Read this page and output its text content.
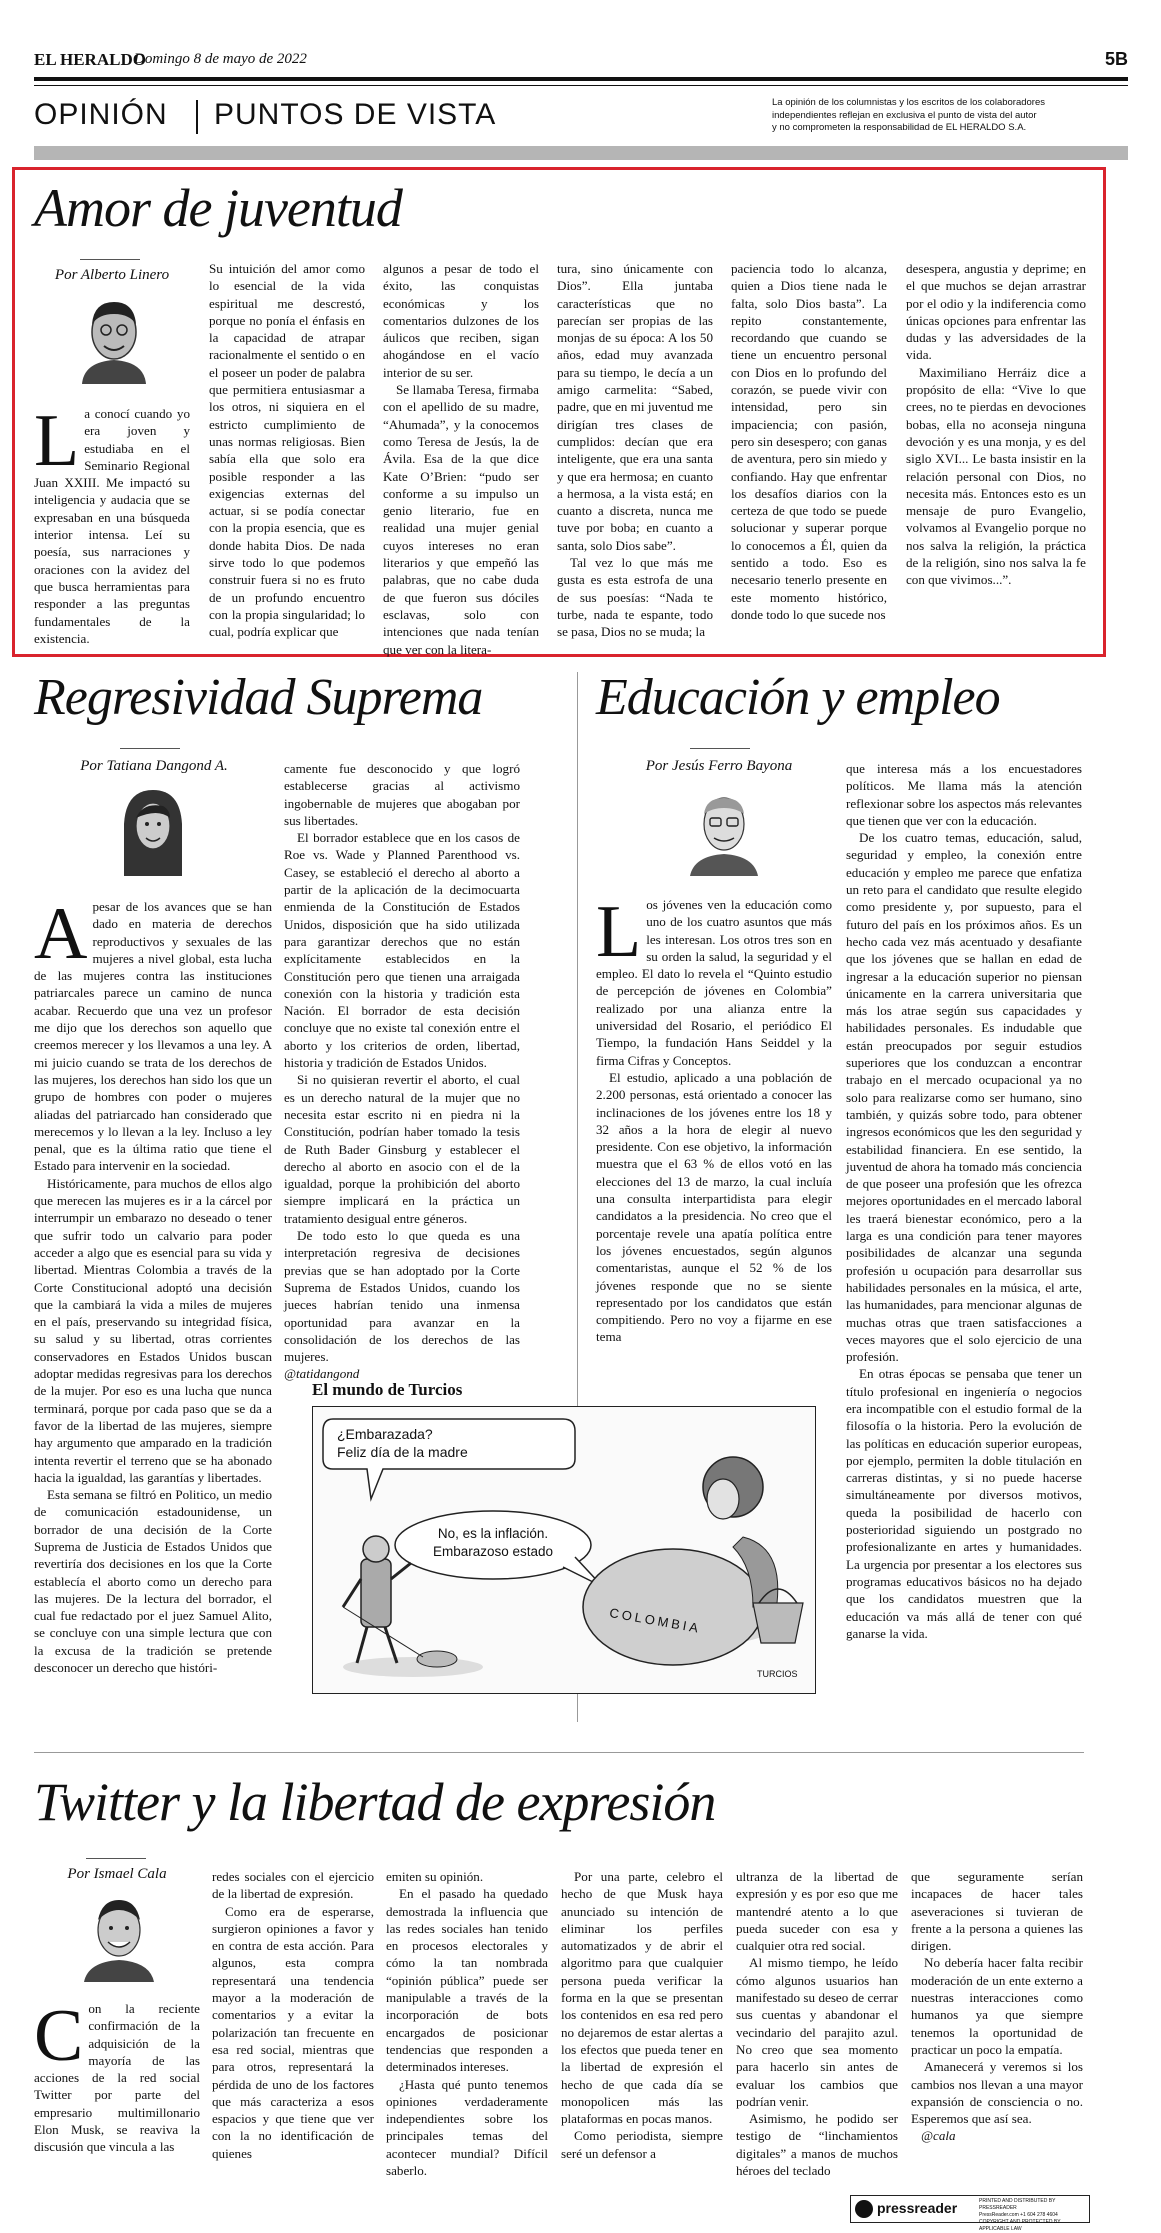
EL HERALDO
Domingo 8 de mayo de 2022	5B
OPINIÓN PUNTOS DE VISTA	La opinión de los columnistas y los escritos de los colaboradores
independientes reflejan en exclusiva el punto de vista del autor
y no comprometen la responsabilidad de EL HERALDO S.A.
Amor de juventud
Por Alberto Linero
La conocí cuando yo era joven y estudiaba en el Seminario Regional Juan XXIII. Me impactó su inteligencia y audacia que se expresaban en una búsqueda interior intensa. Leí su poesía, sus narraciones y oraciones con la avidez del que busca herramientas para responder a las preguntas fundamentales de la existencia.

Su intuición del amor como lo esencial de la vida espiritual me descrestó, porque no ponía el énfasis en la capacidad de atrapar racionalmente el sentido o en el poseer un poder de palabra que permitiera entusiasmar a los otros, ni siquiera en el estricto cumplimiento de unas normas religiosas. Bien sabía ella que solo era posible responder a las exigencias externas del actuar, si se podía conectar con la propia esencia, que es donde habita Dios. De nada sirve todo lo que podemos construir fuera si no es fruto de un profundo encuentro con la propia singularidad; lo cual, podría explicar que

algunos a pesar de todo el éxito, las conquistas económicas y los comentarios dulzones de los áulicos que reciben, sigan ahogándose en el vacío interior de su ser.

Se llamaba Teresa, firmaba con el apellido de su madre, “Ahumada”, y la conocemos como Teresa de Jesús, la de Ávila. Esa de la que dice Kate O’Brien: “pudo ser conforme a su impulso un genio literario, fue en realidad una mujer genial cuyos intereses no eran literarios y que empeñó las palabras, que no cabe duda de que fueron sus dóciles esclavas, solo con intenciones que nada tenían que ver con la litera-

tura, sino únicamente con Dios”. Ella juntaba características que no parecían ser propias de las monjas de su época: A los 50 años, edad muy avanzada para su tiempo, le decía a un amigo carmelita: “Sabed, padre, que en mi juventud me dirigían tres clases de cumplidos: decían que era inteligente, que era una santa y que era hermosa; en cuanto a hermosa, a la vista está; en cuanto a discreta, nunca me tuve por boba; en cuanto a santa, solo Dios sabe”.

Tal vez lo que más me gusta es esta estrofa de una de sus poesías: “Nada te turbe, nada te espante, todo se pasa, Dios no se muda; la

paciencia todo lo alcanza, quien a Dios tiene nada le falta, solo Dios basta”. La repito constantemente, recordando que cuando se tiene un encuentro personal con Dios en lo profundo del corazón, se puede vivir con intensidad, pero sin impaciencia; con pasión, pero sin desespero; con ganas de aventura, pero sin miedo y confiando. Hay que enfrentar los desafíos diarios con la certeza de que todo se puede solucionar y superar porque lo conocemos a Él, quien da sentido a todo. Eso es necesario tenerlo presente en este momento histórico, donde todo lo que sucede nos

desespera, angustia y deprime; en el que muchos se dejan arrastrar por el odio y la indiferencia como únicas opciones para enfrentar las dudas y las adversidades de la vida.

Maximiliano Herráiz dice a propósito de ella: “Vive lo que crees, no te pierdas en devociones bobas, ella no aconseja ninguna devoción y es una monja, y es del siglo XVI... Le basta insistir en la relación personal con Dios, no necesita más. Entonces esto es un mensaje de puro Evangelio, volvamos al Evangelio porque no nos salva la religión, la práctica de la religión, sino nos salva la fe con que vivimos...”.

Regresividad Suprema
Por Tatiana Dangond A.

Apesar de los avances que se han dado en materia de derechos reproductivos y sexuales de las mujeres a nivel global, esta lucha de las mujeres contra las instituciones patriarcales parece un camino de nunca acabar. Recuerdo que una vez un profesor me dijo que los derechos son aquello que creemos merecer y los llevamos a una ley. A mi juicio cuando se trata de los derechos de las mujeres, los derechos han sido los que un grupo de hombres con poder o mujeres aliadas del patriarcado han considerado que merecemos y lo llevan a la ley. Incluso a ley penal, que es la última ratio que tiene el Estado para intervenir en la sociedad.

Históricamente, para muchos de ellos algo que merecen las mujeres es ir a la cárcel por interrumpir un embarazo no deseado o tener que sufrir todo un calvario para poder acceder a algo que es esencial para su vida y libertad. Mientras Colombia a través de la Corte Constitucional adoptó una decisión que la cambiará la vida a miles de mujeres en el país, preservando su integridad física, su salud y su libertad, otras corrientes conservadores en Estados Unidos buscan adoptar medidas regresivas para los derechos de la mujer. Por eso es una lucha que nunca terminará, porque por cada paso que se da a favor de la libertad de las mujeres, siempre hay argumento que amparado en la tradición intenta revertir el terreno que se ha abonado hacia la igualdad, las garantías y libertades.

Esta semana se filtró en Politico, un medio de comunicación estadounidense, un borrador de una decisión de la Corte Suprema de Justicia de Estados Unidos que revertiría dos decisiones en los que la Corte establecía el aborto como un derecho para las mujeres. De la lectura del borrador, el cual fue redactado por el juez Samuel Alito, se concluye con una simple lectura que con la excusa de la tradición se pretende desconocer un derecho que históri-

camente fue desconocido y que logró establecerse gracias al activismo ingobernable de mujeres que abogaban por sus libertades.

El borrador establece que en los casos de Roe vs. Wade y Planned Parenthood vs. Casey, se estableció el derecho al aborto a partir de la aplicación de la decimocuarta enmienda de la Constitución de Estados Unidos, disposición que ha sido utilizada para garantizar derechos que no están explícitamente establecidos en la Constitución pero que tienen una arraigada conexión con la historia y tradición esta Nación. El borrador de esta decisión concluye que no existe tal conexión entre el aborto y los criterios de orden, libertad, historia y tradición de Estados Unidos.

Si no quisieran revertir el aborto, el cual es un derecho natural de la mujer que no necesita estar escrito ni en piedra ni la Constitución, podrían haber tomado la tesis de Ruth Bader Ginsburg y establecer el derecho al aborto en asocio con el de la igualdad, porque la prohibición del aborto siempre implicará en la práctica un tratamiento desigual entre géneros.

De todo esto lo que queda es una interpretación regresiva de decisiones previas que se han adoptado por la Corte Suprema de Estados Unidos, cuando los jueces habrían tenido una inmensa oportunidad para avanzar en la consolidación de los derechos de las mujeres.

@tatidangond

Educación y empleo
Por Jesús Ferro Bayona

Los jóvenes ven la educación como uno de los cuatro asuntos que más les interesan. Los otros tres son en su orden la salud, la seguridad y el empleo. El dato lo revela el “Quinto estudio de percepción de jóvenes en Colombia” realizado por una alianza entre la universidad del Rosario, el periódico El Tiempo, la fundación Hans Seiddel y la firma Cifras y Conceptos.

El estudio, aplicado a una población de 2.200 personas, está orientado a conocer las inclinaciones de los jóvenes entre los 18 y 32 años a la hora de elegir al nuevo presidente. Con ese objetivo, la información muestra que el 63 % de ellos votó en las elecciones del 13 de marzo, la cual incluía una consulta interpartidista para elegir candidatos a la presidencia. No creo que el porcentaje revele una apatía política entre los jóvenes encuestados, según algunos comentaristas, aunque el 52 % de los jóvenes responde que no se siente representado por los candidatos que están compitiendo. Pero no voy a fijarme en ese tema

que interesa más a los encuestadores políticos. Me llama más la atención reflexionar sobre los aspectos más relevantes que tienen que ver con la educación.

De los cuatro temas, educación, salud, seguridad y empleo, la conexión entre educación y empleo me parece que enfatiza un reto para el candidato que resulte elegido como presidente y, por supuesto, para el futuro del país en los próximos años. Es un hecho cada vez más acentuado y desafiante que los jóvenes que se hallan en edad de ingresar a la educación superior no piensan únicamente en la carrera universitaria que más los atrae según sus capacidades y habilidades personales. Es indudable que están preocupados por seguir estudios superiores que los conduzcan a encontrar trabajo en el mercado ocupacional ya no solo para realizarse como ser humano, sino también, y quizás sobre todo, para obtener ingresos económicos que les den seguridad y estabilidad financiera. En ese sentido, la juventud de ahora ha tomado más conciencia de que poseer una profesión que les ofrezca mejores oportunidades en el mercado laboral les traerá bienestar económico, pero a la larga es una condición para tener mayores posibilidades de alcanzar una segunda profesión u ocupación para desarrollar sus habilidades personales en la música, el arte, las humanidades, para mencionar algunas de muchas otras que traen satisfacciones a veces mayores que el solo ejercicio de una profesión.

En otras épocas se pensaba que tener un título profesional en ingeniería o negocios era incompatible con el estudio formal de la filosofía o la historia. Pero la evolución de las políticas en educación superior europeas, por ejemplo, permiten la doble titulación en carreras distintas, y si no puede hacerse simultáneamente por diversos motivos, queda la posibilidad de hacerlo con posterioridad siguiendo un postgrado no profesionalizante en artes y humanidades. La urgencia por presentar a los electores sus programas educativos básicos no ha dejado que los candidatos muestren que la educación va más allá de tener con qué ganarse la vida.

El mundo de Turcios
¿Embarazada?
Feliz día de la madre
No, es la inflación.
Embarazoso estado
COLOMBIA
TURCIOS
Twitter y la libertad de expresión
Por Ismael Cala
Con la reciente confirmación de la adquisición de la mayoría de las acciones de la red social Twitter por parte del empresario multimillonario Elon Musk, se reaviva la discusión que vincula a las

redes sociales con el ejercicio de la libertad de expresión.

Como era de esperarse, surgieron opiniones a favor y en contra de esta acción. Para algunos, esta compra representará una tendencia mayor a la moderación de comentarios y a evitar la polarización tan frecuente en esa red social, mientras que para otros, representará la pérdida de uno de los factores que más caracteriza a esos espacios y que tiene que ver con la no identificación de quienes

emiten su opinión.

En el pasado ha quedado demostrada la influencia que las redes sociales han tenido en procesos electorales y cómo la tan nombrada “opinión pública” puede ser manipulable a través de la incorporación de bots encargados de posicionar tendencias que responden a determinados intereses.

¿Hasta qué punto tenemos opiniones verdaderamente independientes sobre los principales temas del acontecer mundial? Difícil saberlo.

Por una parte, celebro el hecho de que Musk haya anunciado su intención de eliminar los perfiles automatizados y de abrir el algoritmo para que cualquier persona pueda verificar la forma en la que se presentan los contenidos en esa red pero no dejaremos de estar alertas a los efectos que pueda tener en la libertad de expresión el hecho de que cada día se monopolicen más las plataformas en pocas manos.

Como periodista, siempre seré un defensor a

ultranza de la libertad de expresión y es por eso que me mantendré atento a lo que pueda suceder con esa y cualquier otra red social.

Al mismo tiempo, he leído cómo algunos usuarios han manifestado su deseo de cerrar sus cuentas y abandonar el vecindario del parajito azul. No creo que sea momento para hacerlo sin antes de evaluar los cambios que podrían venir.

Asimismo, he podido ser testigo de “linchamientos digitales” a manos de muchos héroes del teclado

que seguramente serían incapaces de hacer tales aseveraciones si tuvieran de frente a la persona a quienes las dirigen.

No debería hacer falta recibir moderación de un ente externo a nuestras interacciones como humanos ya que siempre tenemos la oportunidad de practicar un poco la empatía.

Amanecerá y veremos si los cambios nos llevan a una mayor expansión de consciencia o no. Esperemos que así sea.

@cala

pressreader	PRINTED AND DISTRIBUTED BY PRESSREADER
PressReader.com +1 604 278 4604
COPYRIGHT AND PROTECTED BY APPLICABLE LAW
